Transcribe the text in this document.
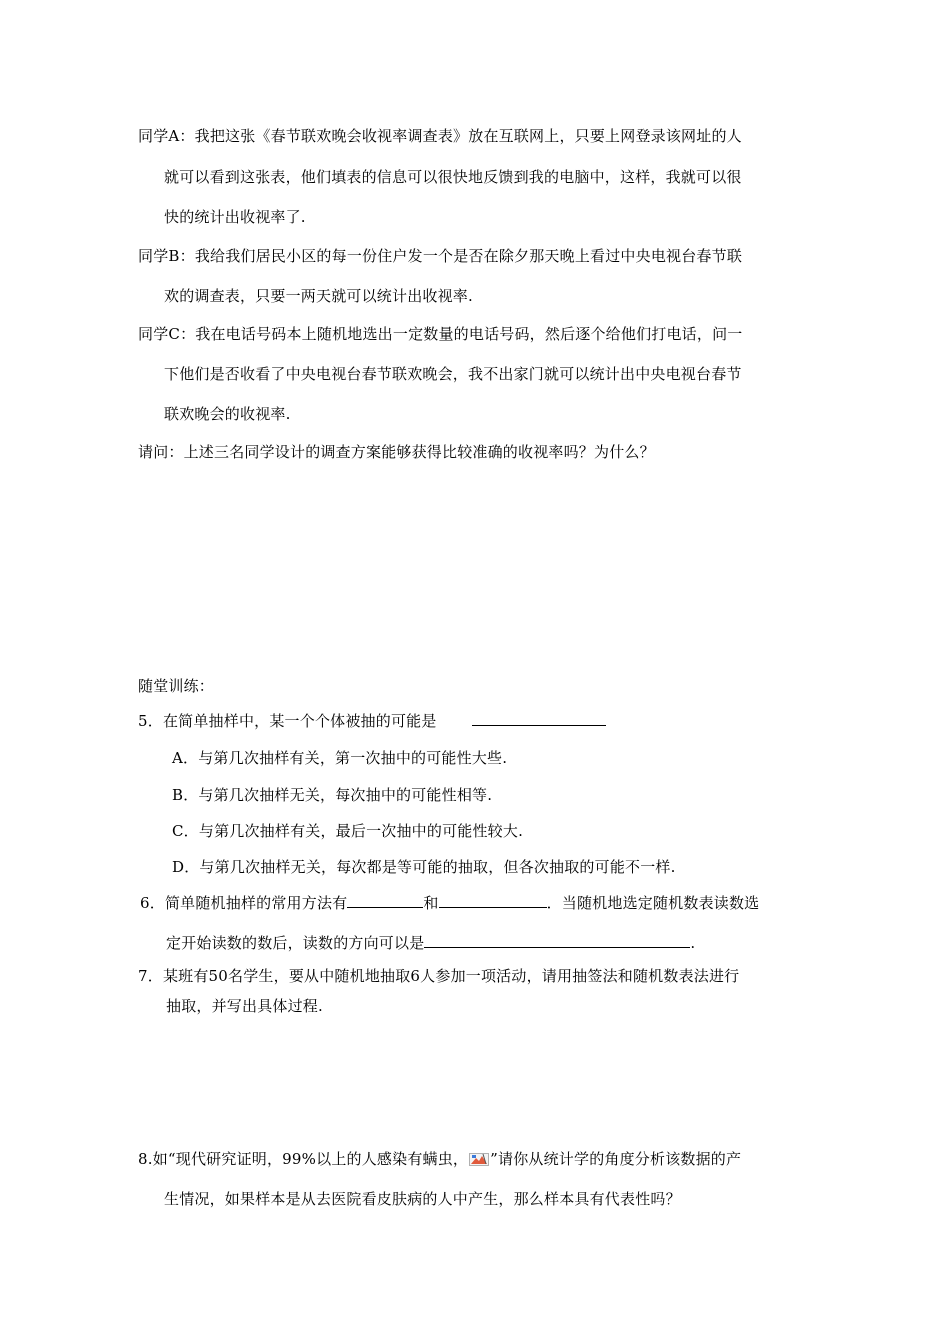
同学A：我把这张《春节联欢晚会收视率调查表》放在互联网上，只要上网登录该网址的人
就可以看到这张表，他们填表的信息可以很快地反馈到我的电脑中，这样，我就可以很
快的统计出收视率了.
同学B：我给我们居民小区的每一份住户发一个是否在除夕那天晚上看过中央电视台春节联
欢的调查表，只要一两天就可以统计出收视率.
同学C：我在电话号码本上随机地选出一定数量的电话号码，然后逐个给他们打电话，问一
下他们是否收看了中央电视台春节联欢晚会，我不出家门就可以统计出中央电视台春节
联欢晚会的收视率.
请问：上述三名同学设计的调查方案能够获得比较准确的收视率吗？为什么？
随堂训练：
5．在简单抽样中，某一个个体被抽的可能是
A．与第几次抽样有关，第一次抽中的可能性大些.
B．与第几次抽样无关，每次抽中的可能性相等.
C．与第几次抽样有关，最后一次抽中的可能性较大.
D．与第几次抽样无关，每次都是等可能的抽取，但各次抽取的可能不一样.
6．简单随机抽样的常用方法有	和	．当随机地选定随机数表读数选
定开始读数的数后，读数的方向可以是	.
7．某班有50名学生，要从中随机地抽取6人参加一项活动，请用抽签法和随机数表法进行
抽取，并写出具体过程.
8.如“现代研究证明，99%以上的人感染有螨虫， ”请你从统计学的角度分析该数据的产
生情况，如果样本是从去医院看皮肤病的人中产生，那么样本具有代表性吗？
